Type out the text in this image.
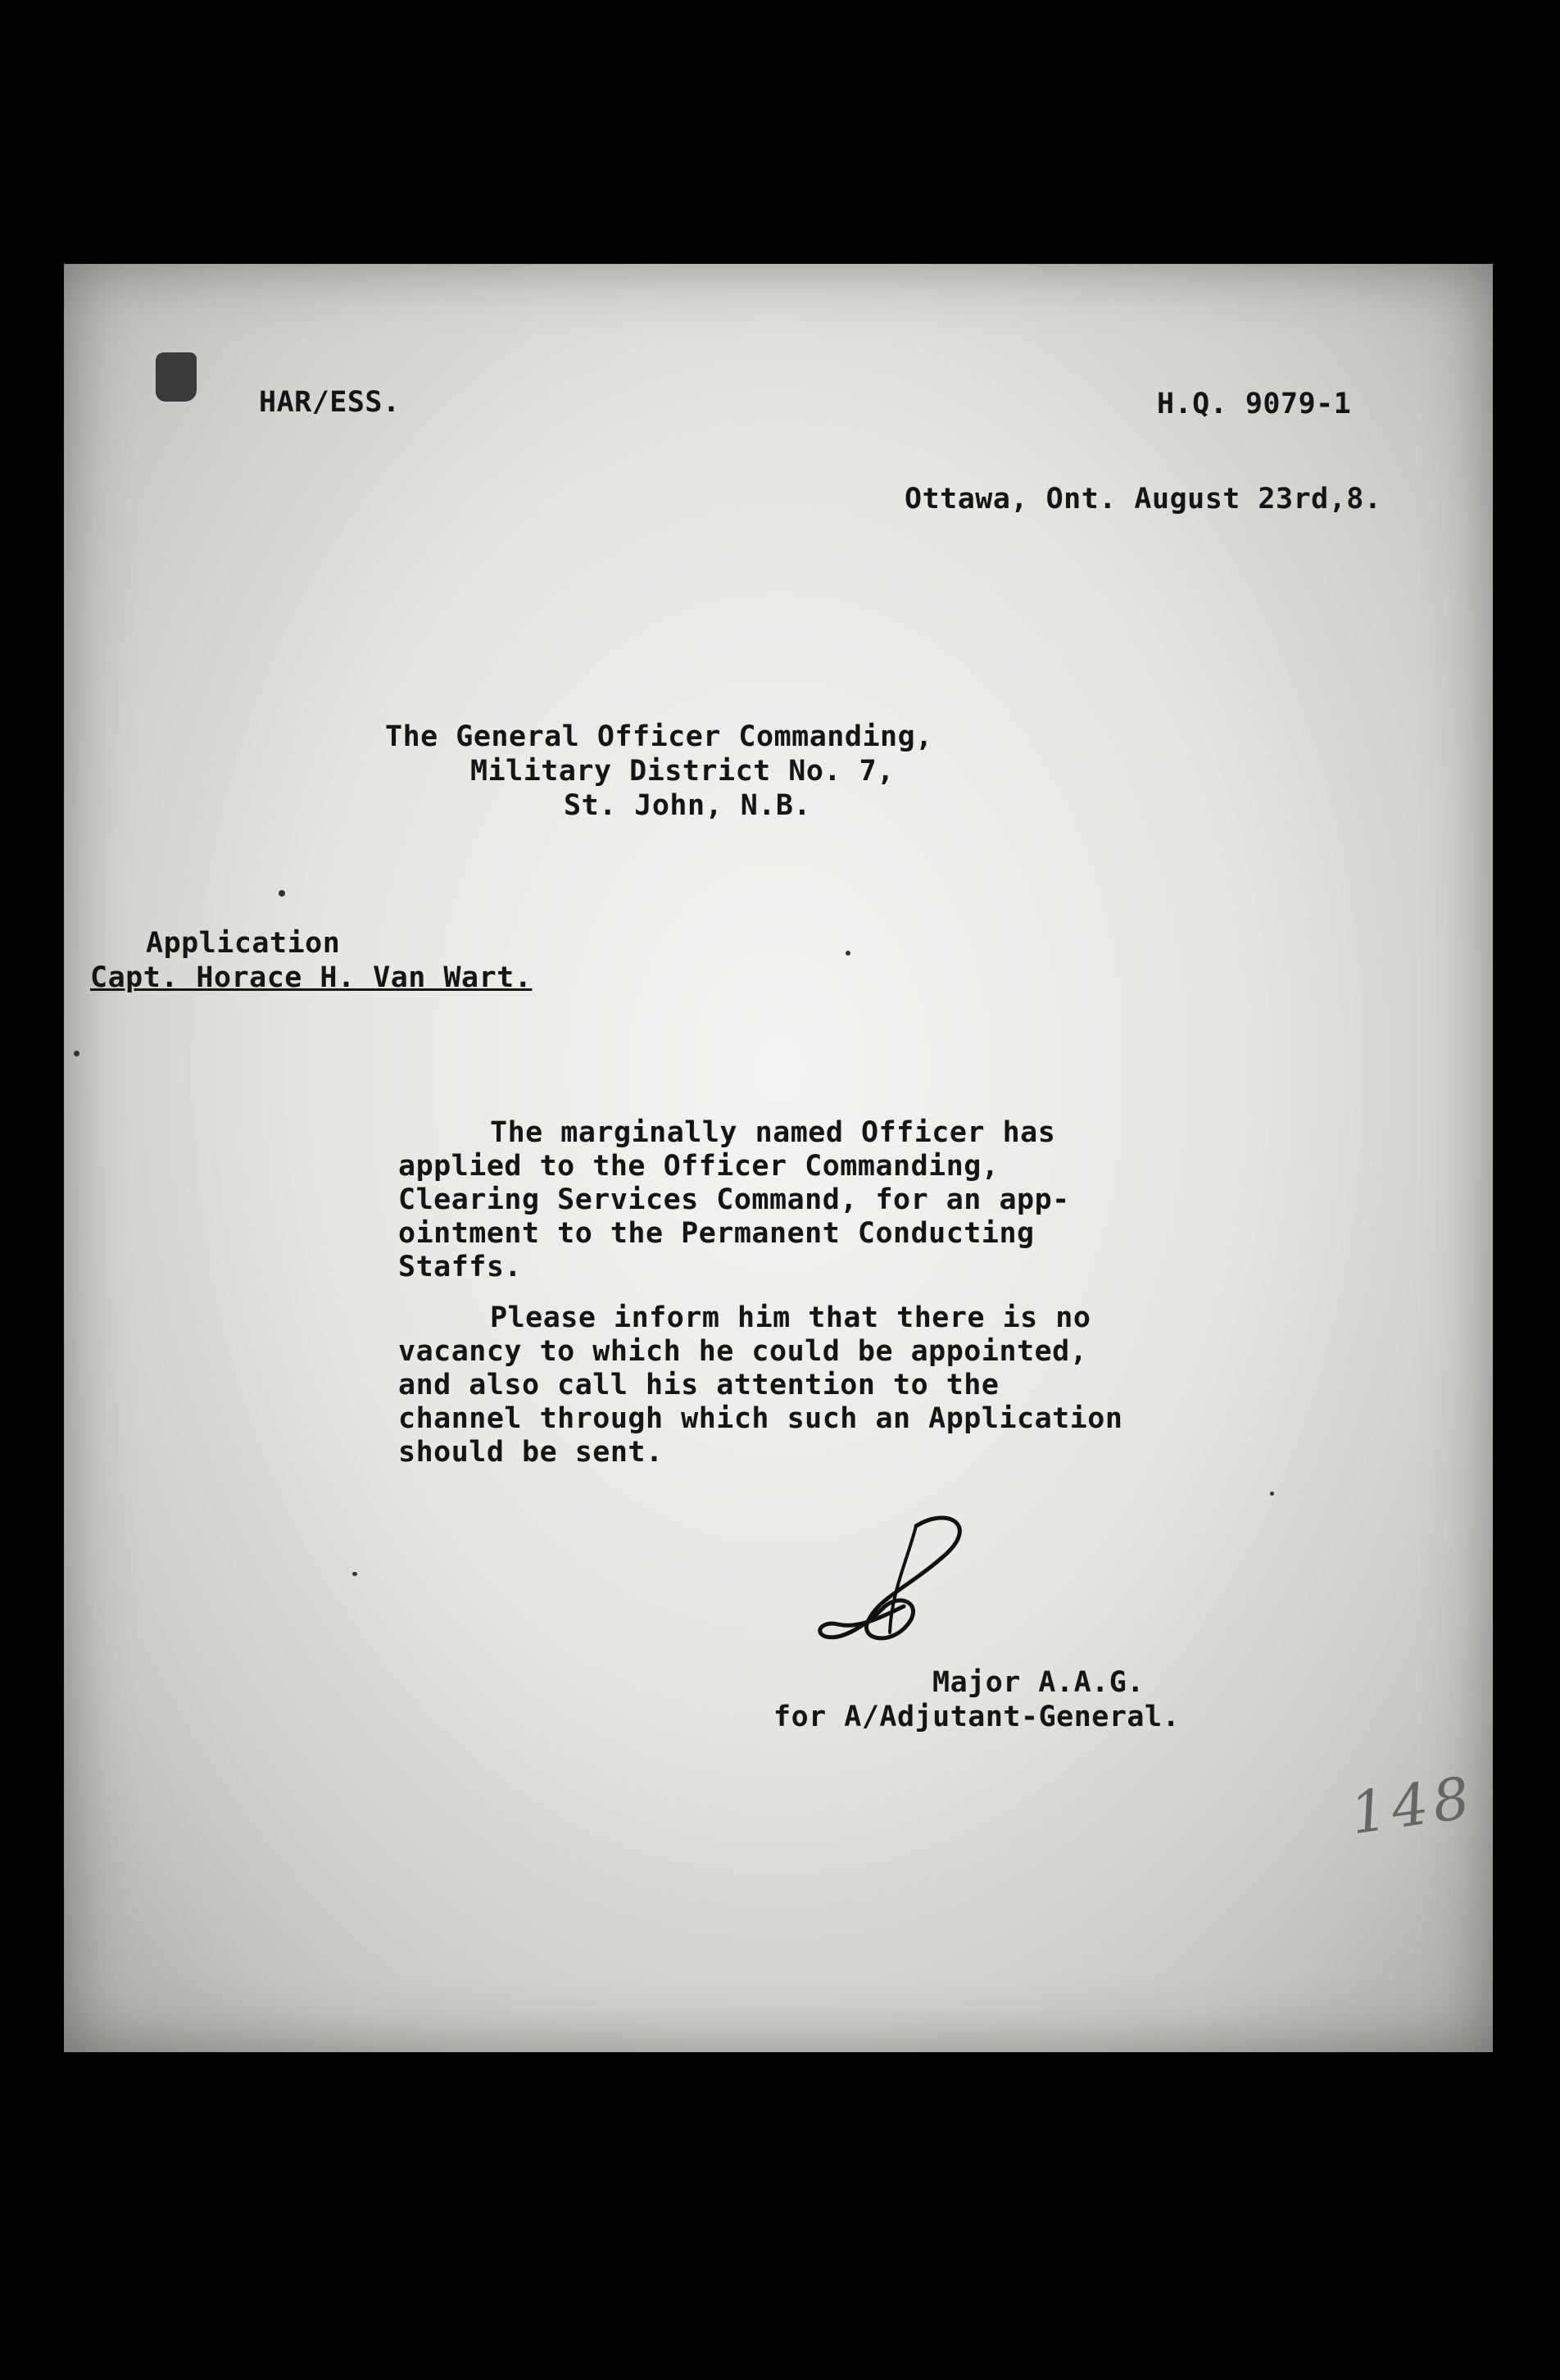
HAR/ESS.	H.Q. 9079-1
Ottawa, Ont. August 23rd,8.
The General Officer Commanding,
Military District No. 7,
St. John, N.B.
Application
Capt. Horace H. Van Wart.
The marginally named Officer has
applied to the Officer Commanding,
Clearing Services Command, for an app-
ointment to the Permanent Conducting
Staffs.
Please inform him that there is no
vacancy to which he could be appointed,
and also call his attention to the
channel through which such an Application
should be sent.
Major A.A.G.
for A/Adjutant-General.
148
